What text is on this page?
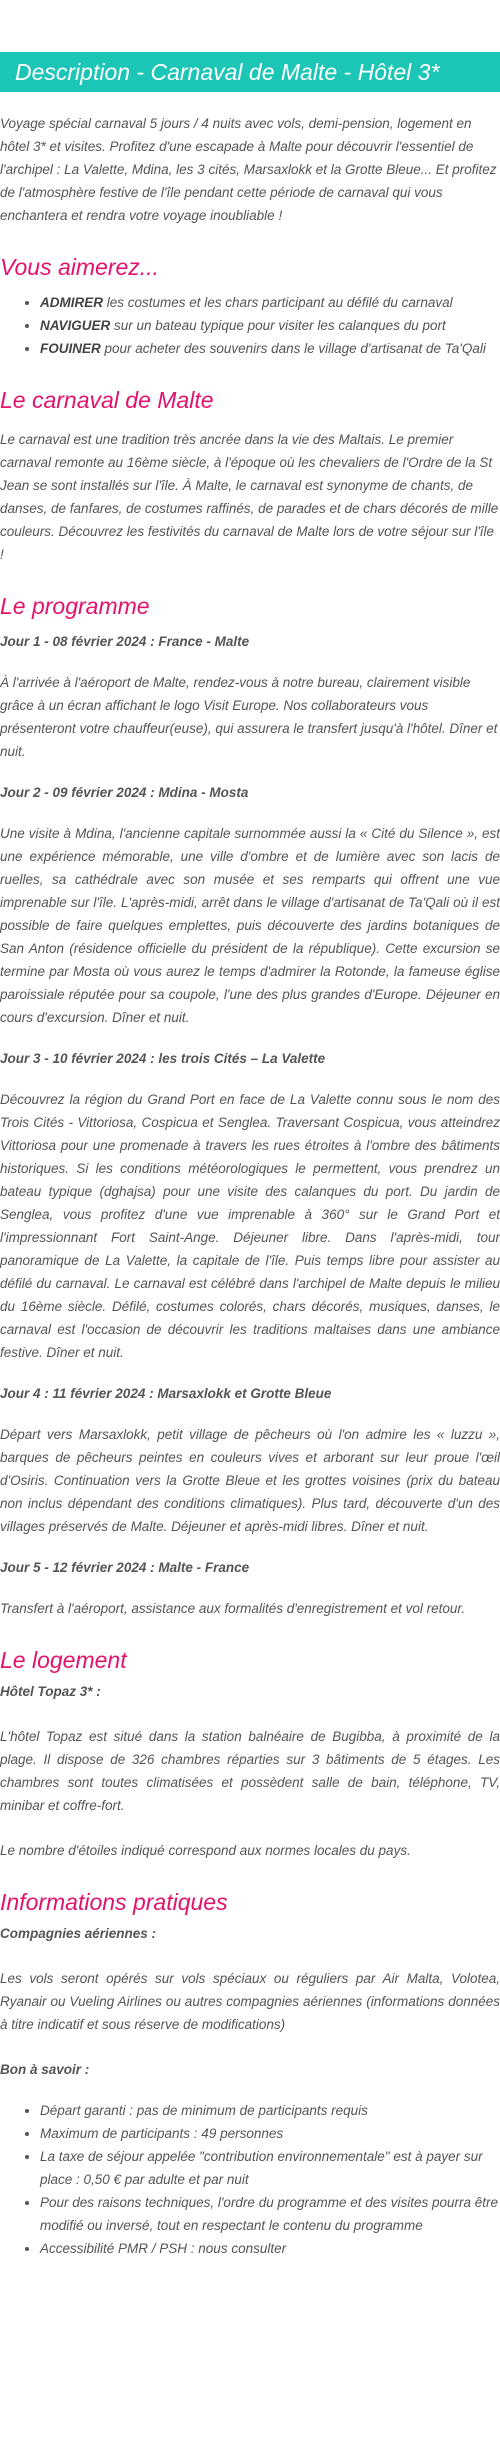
Description - Carnaval de Malte - Hôtel 3*

Voyage spécial carnaval 5 jours / 4 nuits avec vols, demi-pension, logement en hôtel 3* et visites. Profitez d'une escapade à Malte pour découvrir l'essentiel de l'archipel : La Valette, Mdina, les 3 cités, Marsaxlokk et la Grotte Bleue... Et profitez de l'atmosphère festive de l'île pendant cette période de carnaval qui vous enchantera et rendra votre voyage inoubliable !

Vous aimerez...
• ADMIRER les costumes et les chars participant au défilé du carnaval
• NAVIGUER sur un bateau typique pour visiter les calanques du port
• FOUINER pour acheter des souvenirs dans le village d'artisanat de Ta'Qali
Le carnaval de Malte

Le carnaval est une tradition très ancrée dans la vie des Maltais. Le premier carnaval remonte au 16ème siècle, à l'époque où les chevaliers de l'Ordre de la St Jean se sont installés sur l'île. À Malte, le carnaval est synonyme de chants, de danses, de fanfares, de costumes raffinés, de parades et de chars décorés de mille couleurs. Découvrez les festivités du carnaval de Malte lors de votre séjour sur l'île !

Le programme
Jour 1 - 08 février 2024 : France - Malte

À l'arrivée à l'aéroport de Malte, rendez-vous à notre bureau, clairement visible grâce à un écran affichant le logo Visit Europe. Nos collaborateurs vous présenteront votre chauffeur(euse), qui assurera le transfert jusqu'à l'hôtel. Dîner et nuit.

Jour 2 - 09 février 2024 : Mdina - Mosta

Une visite à Mdina, l'ancienne capitale surnommée aussi la « Cité du Silence », est une expérience mémorable, une ville d'ombre et de lumière avec son lacis de ruelles, sa cathédrale avec son musée et ses remparts qui offrent une vue imprenable sur l'île. L'après-midi, arrêt dans le village d'artisanat de Ta'Qali où il est possible de faire quelques emplettes, puis découverte des jardins botaniques de San Anton (résidence officielle du président de la république). Cette excursion se termine par Mosta où vous aurez le temps d'admirer la Rotonde, la fameuse église paroissiale réputée pour sa coupole, l'une des plus grandes d'Europe. Déjeuner en cours d'excursion. Dîner et nuit.

Jour 3 - 10 février 2024 : les trois Cités – La Valette

Découvrez la région du Grand Port en face de La Valette connu sous le nom des Trois Cités - Vittoriosa, Cospicua et Senglea. Traversant Cospicua, vous atteindrez Vittoriosa pour une promenade à travers les rues étroites à l'ombre des bâtiments historiques. Si les conditions météorologiques le permettent, vous prendrez un bateau typique (dghajsa) pour une visite des calanques du port. Du jardin de Senglea, vous profitez d'une vue imprenable à 360° sur le Grand Port et l'impressionnant Fort Saint-Ange. Déjeuner libre. Dans l'après-midi, tour panoramique de La Valette, la capitale de l'île. Puis temps libre pour assister au défilé du carnaval. Le carnaval est célébré dans l'archipel de Malte depuis le milieu du 16ème siècle. Défilé, costumes colorés, chars décorés, musiques, danses, le carnaval est l'occasion de découvrir les traditions maltaises dans une ambiance festive. Dîner et nuit.

Jour 4 : 11 février 2024 : Marsaxlokk et Grotte Bleue

Départ vers Marsaxlokk, petit village de pêcheurs où l'on admire les « luzzu », barques de pêcheurs peintes en couleurs vives et arborant sur leur proue l'œil d'Osiris. Continuation vers la Grotte Bleue et les grottes voisines (prix du bateau non inclus dépendant des conditions climatiques). Plus tard, découverte d'un des villages préservés de Malte. Déjeuner et après-midi libres. Dîner et nuit.

Jour 5 - 12 février 2024 : Malte - France

Transfert à l'aéroport, assistance aux formalités d'enregistrement et vol retour.

Le logement
Hôtel Topaz 3* :

L'hôtel Topaz est situé dans la station balnéaire de Bugibba, à proximité de la plage. Il dispose de 326 chambres réparties sur 3 bâtiments de 5 étages. Les chambres sont toutes climatisées et possèdent salle de bain, téléphone, TV, minibar et coffre-fort.

Le nombre d'étoiles indiqué correspond aux normes locales du pays.

Informations pratiques
Compagnies aériennes :

Les vols seront opérés sur vols spéciaux ou réguliers par Air Malta, Volotea, Ryanair ou Vueling Airlines ou autres compagnies aériennes (informations données à titre indicatif et sous réserve de modifications)

Bon à savoir :
• Départ garanti : pas de minimum de participants requis
• Maximum de participants : 49 personnes
• La taxe de séjour appelée "contribution environnementale" est à payer sur place : 0,50 € par adulte et par nuit
• Pour des raisons techniques, l'ordre du programme et des visites pourra être modifié ou inversé, tout en respectant le contenu du programme
• Accessibilité PMR / PSH : nous consulter
